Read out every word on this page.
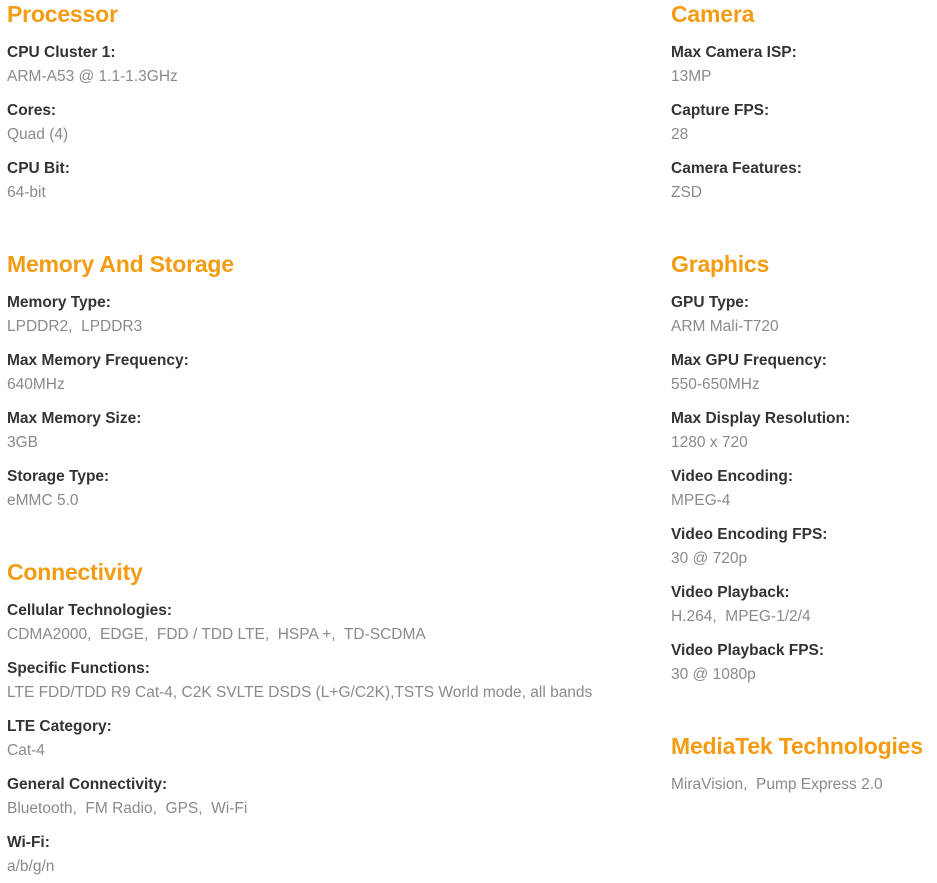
Processor
CPU Cluster 1:
ARM-A53 @ 1.1-1.3GHz
Cores:
Quad (4)
CPU Bit:
64-bit
Memory And Storage
Memory Type:
LPDDR2,  LPDDR3
Max Memory Frequency:
640MHz
Max Memory Size:
3GB
Storage Type:
eMMC 5.0
Connectivity
Cellular Technologies:
CDMA2000,  EDGE,  FDD / TDD LTE,  HSPA +,  TD-SCDMA
Specific Functions:
LTE FDD/TDD R9 Cat-4, C2K SVLTE DSDS (L+G/C2K),TSTS World mode, all bands
LTE Category:
Cat-4
General Connectivity:
Bluetooth,  FM Radio,  GPS,  Wi-Fi
Wi-Fi:
a/b/g/n
Camera
Max Camera ISP:
13MP
Capture FPS:
28
Camera Features:
ZSD
Graphics
GPU Type:
ARM Mali-T720
Max GPU Frequency:
550-650MHz
Max Display Resolution:
1280 x 720
Video Encoding:
MPEG-4
Video Encoding FPS:
30 @ 720p
Video Playback:
H.264,  MPEG-1/2/4
Video Playback FPS:
30 @ 1080p
MediaTek Technologies
MiraVision,  Pump Express 2.0
